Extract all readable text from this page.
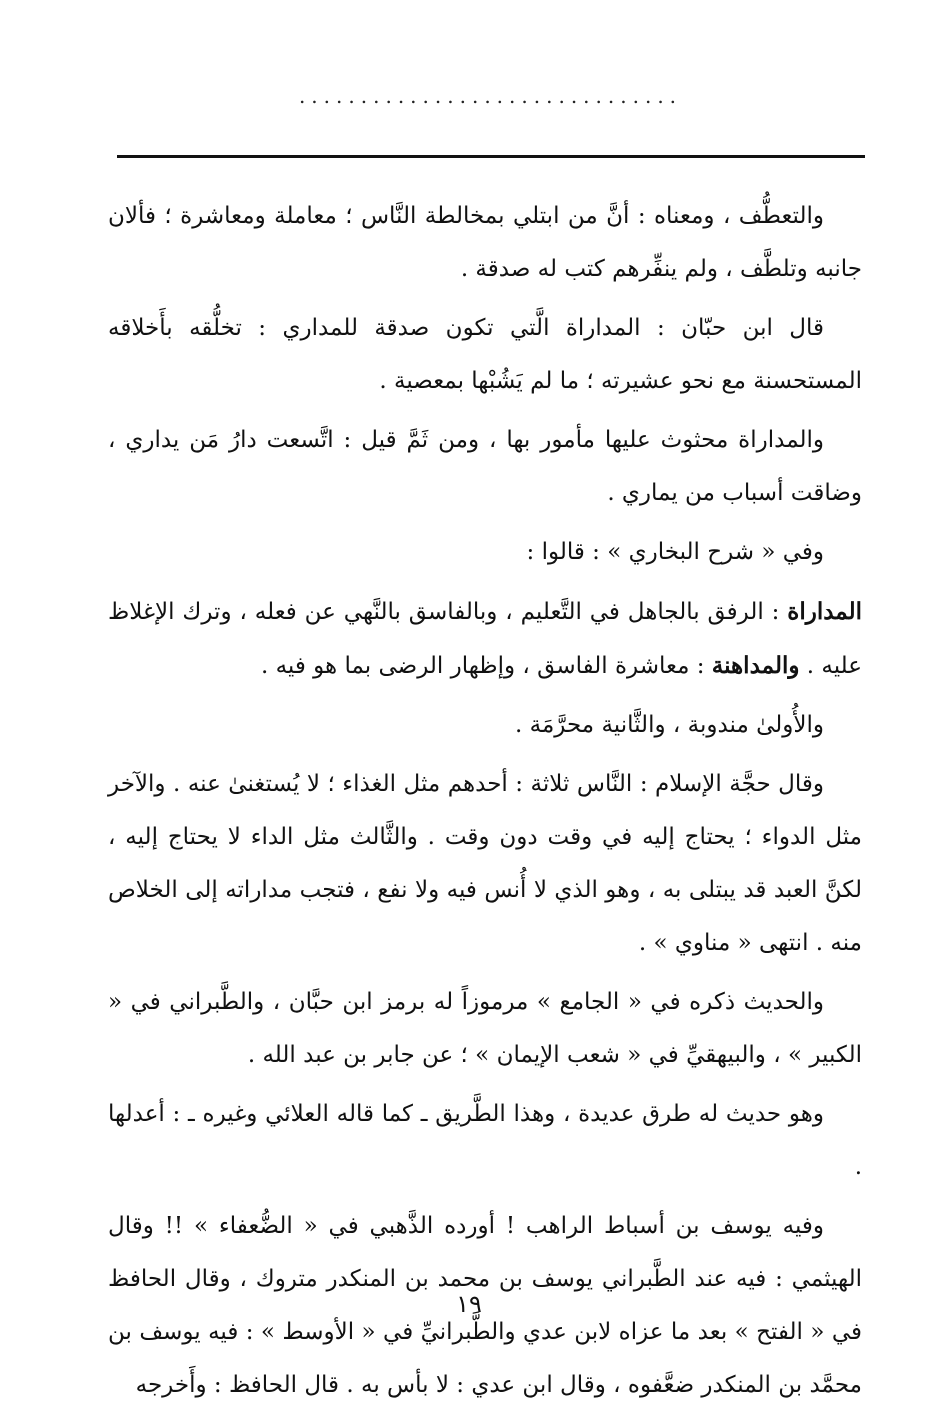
...............................

والتعطُّف ، ومعناه : أنَّ من ابتلي بمخالطة النَّاس ؛ معاملة ومعاشرة ؛ فألان جانبه وتلطَّف ، ولم ينفِّرهم كتب له صدقة .

قال ابن حبّان : المداراة الَّتي تكون صدقة للمداري : تخلُّقه بأَخلاقه المستحسنة مع نحو عشيرته ؛ ما لم يَشُبْها بمعصية .

والمداراة محثوث عليها مأمور بها ، ومن ثَمَّ قيل : اتَّسعت دارُ مَن يداري ، وضاقت أسباب من يماري .

وفي « شرح البخاري » : قالوا :

المداراة : الرفق بالجاهل في التَّعليم ، وبالفاسق بالنَّهي عن فعله ، وترك الإغلاظ عليه . والمداهنة : معاشرة الفاسق ، وإظهار الرضى بما هو فيه .

والأُولىٰ مندوبة ، والثَّانية محرَّمَة .

وقال حجَّة الإسلام : النَّاس ثلاثة : أحدهم مثل الغذاء ؛ لا يُستغنىٰ عنه . والآخر مثل الدواء ؛ يحتاج إليه في وقت دون وقت . والثَّالث مثل الداء لا يحتاج إليه ، لكنَّ العبد قد يبتلى به ، وهو الذي لا أُنس فيه ولا نفع ، فتجب مداراته إلى الخلاص منه . انتهى « مناوي » .

والحديث ذكره في « الجامع » مرموزاً له برمز ابن حبَّان ، والطَّبراني في « الكبير » ، والبيهقيِّ في « شعب الإيمان » ؛ عن جابر بن عبد الله .

وهو حديث له طرق عديدة ، وهذا الطَّريق ـ كما قاله العلائي وغيره ـ : أعدلها .

وفيه يوسف بن أسباط الراهب ! أورده الذَّهبي في « الضُّعفاء » !! وقال الهيثمي : فيه عند الطَّبراني يوسف بن محمد بن المنكدر متروك ، وقال الحافظ في « الفتح » بعد ما عزاه لابن عدي والطَّبرانيِّ في « الأوسط » : فيه يوسف بن محمَّد بن المنكدر ضعَّفوه ، وقال ابن عدي : لا بأس به . قال الحافظ : وأَخرجه

١٩
